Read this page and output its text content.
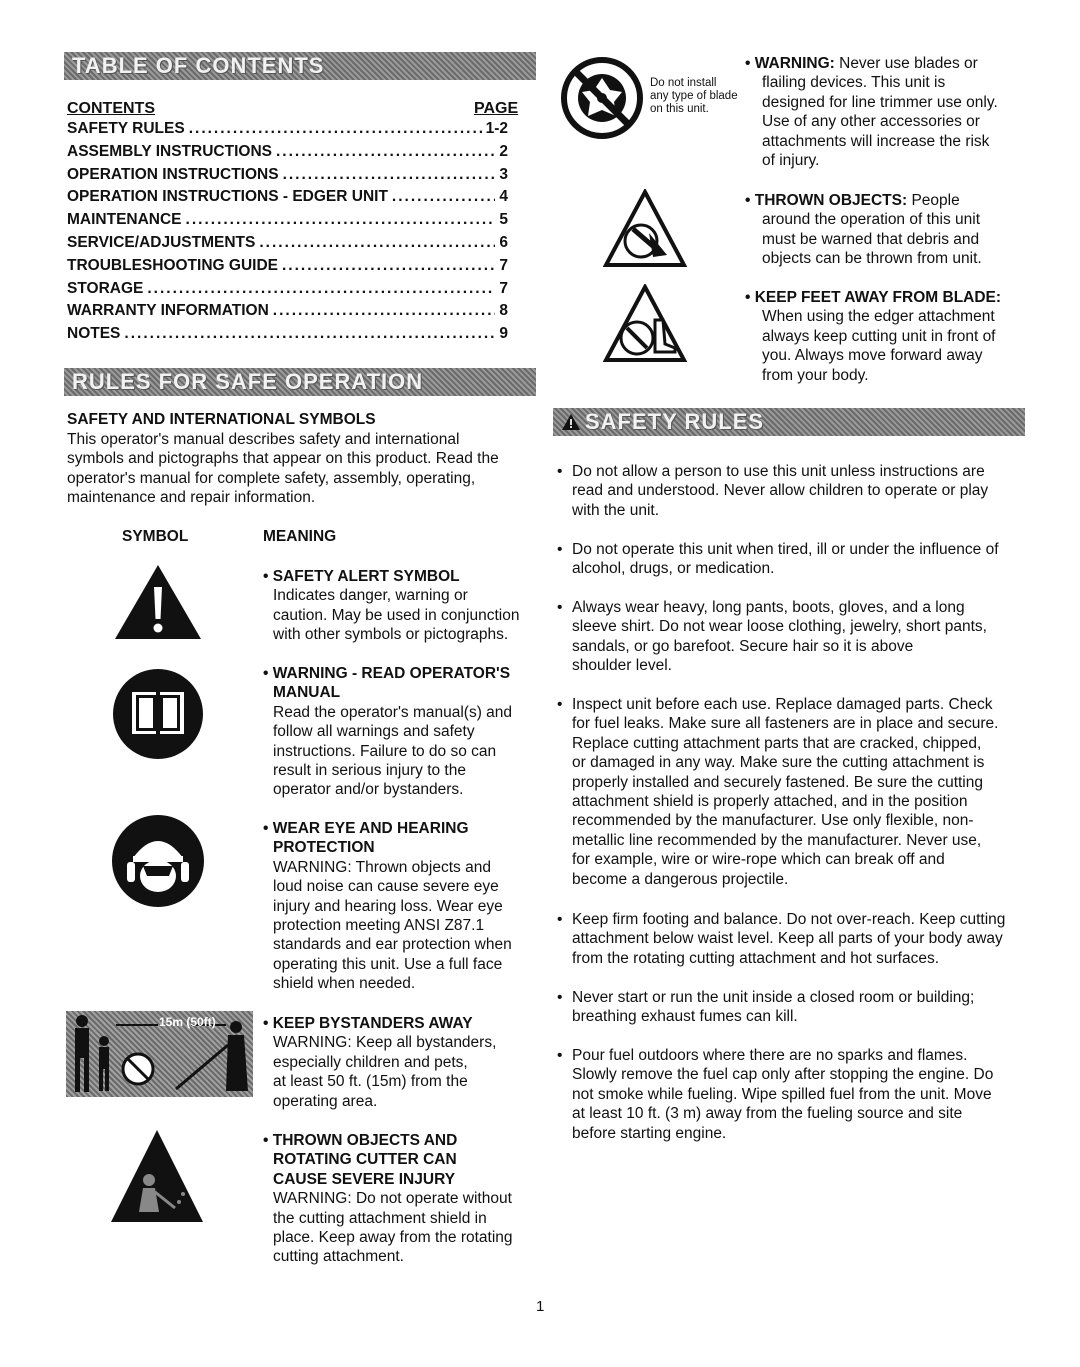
TABLE OF CONTENTS
CONTENTS	PAGE
SAFETY RULES .....	1-2
ASSEMBLY INSTRUCTIONS .....	2
OPERATION INSTRUCTIONS .....	3
OPERATION INSTRUCTIONS - EDGER UNIT .....	4
MAINTENANCE .....	5
SERVICE/ADJUSTMENTS .....	6
TROUBLESHOOTING GUIDE .....	7
STORAGE .....	7
WARRANTY INFORMATION .....	8
NOTES .....	9
RULES FOR SAFE OPERATION
SAFETY AND INTERNATIONAL SYMBOLS
This operator's manual describes safety and international
symbols and pictographs that appear on this product. Read the
operator's manual for complete safety, assembly, operating,
maintenance and repair information.
SYMBOL	MEANING
15m (50ft)
• SAFETY ALERT SYMBOL
Indicates danger, warning or
caution. May be used in conjunction
with other symbols or pictographs.
• WARNING - READ OPERATOR'S
MANUAL
Read the operator's manual(s) and
follow all warnings and safety
instructions. Failure to do so can
result in serious injury to the
operator and/or bystanders.
• WEAR EYE AND HEARING
PROTECTION
WARNING: Thrown objects and
loud noise can cause severe eye
injury and hearing loss. Wear eye
protection meeting ANSI Z87.1
standards and ear protection when
operating this unit. Use a full face
shield when needed.
• KEEP BYSTANDERS AWAY
WARNING: Keep all bystanders,
especially children and pets,
at least 50 ft. (15m) from the
operating area.
• THROWN OBJECTS AND
ROTATING CUTTER CAN
CAUSE SEVERE INJURY
WARNING: Do not operate without
the cutting attachment shield in
place. Keep away from the rotating
cutting attachment.
Do not install
any type of blade
on this unit.
• WARNING: Never use blades or
flailing devices. This unit is
designed for line trimmer use only.
Use of any other accessories or
attachments will increase the risk
of injury.
• THROWN OBJECTS: People
around the operation of this unit
must be warned that debris and
objects can be thrown from unit.
• KEEP FEET AWAY FROM BLADE:
When using the edger attachment
always keep cutting unit in front of
you. Always move forward away
from your body.
SAFETY RULES
• Do not allow a person to use this unit unless instructions are
read and understood. Never allow children to operate or play
with the unit.
• Do not operate this unit when tired, ill or under the influence of
alcohol, drugs, or medication.
• Always wear heavy, long pants, boots, gloves, and a long
sleeve shirt. Do not wear loose clothing, jewelry, short pants,
sandals, or go barefoot. Secure hair so it is above
shoulder level.
• Inspect unit before each use. Replace damaged parts. Check
for fuel leaks. Make sure all fasteners are in place and secure.
Replace cutting attachment parts that are cracked, chipped,
or damaged in any way. Make sure the cutting attachment is
properly installed and securely fastened. Be sure the cutting
attachment shield is properly attached, and in the position
recommended by the manufacturer. Use only flexible, non-
metallic line recommended by the manufacturer. Never use,
for example, wire or wire-rope which can break off and
become a dangerous projectile.
• Keep firm footing and balance. Do not over-reach. Keep cutting
attachment below waist level. Keep all parts of your body away
from the rotating cutting attachment and hot surfaces.
• Never start or run the unit inside a closed room or building;
breathing exhaust fumes can kill.
• Pour fuel outdoors where there are no sparks and flames.
Slowly remove the fuel cap only after stopping the engine. Do
not smoke while fueling. Wipe spilled fuel from the unit. Move
at least 10 ft. (3 m) away from the fueling source and site
before starting engine.
1
